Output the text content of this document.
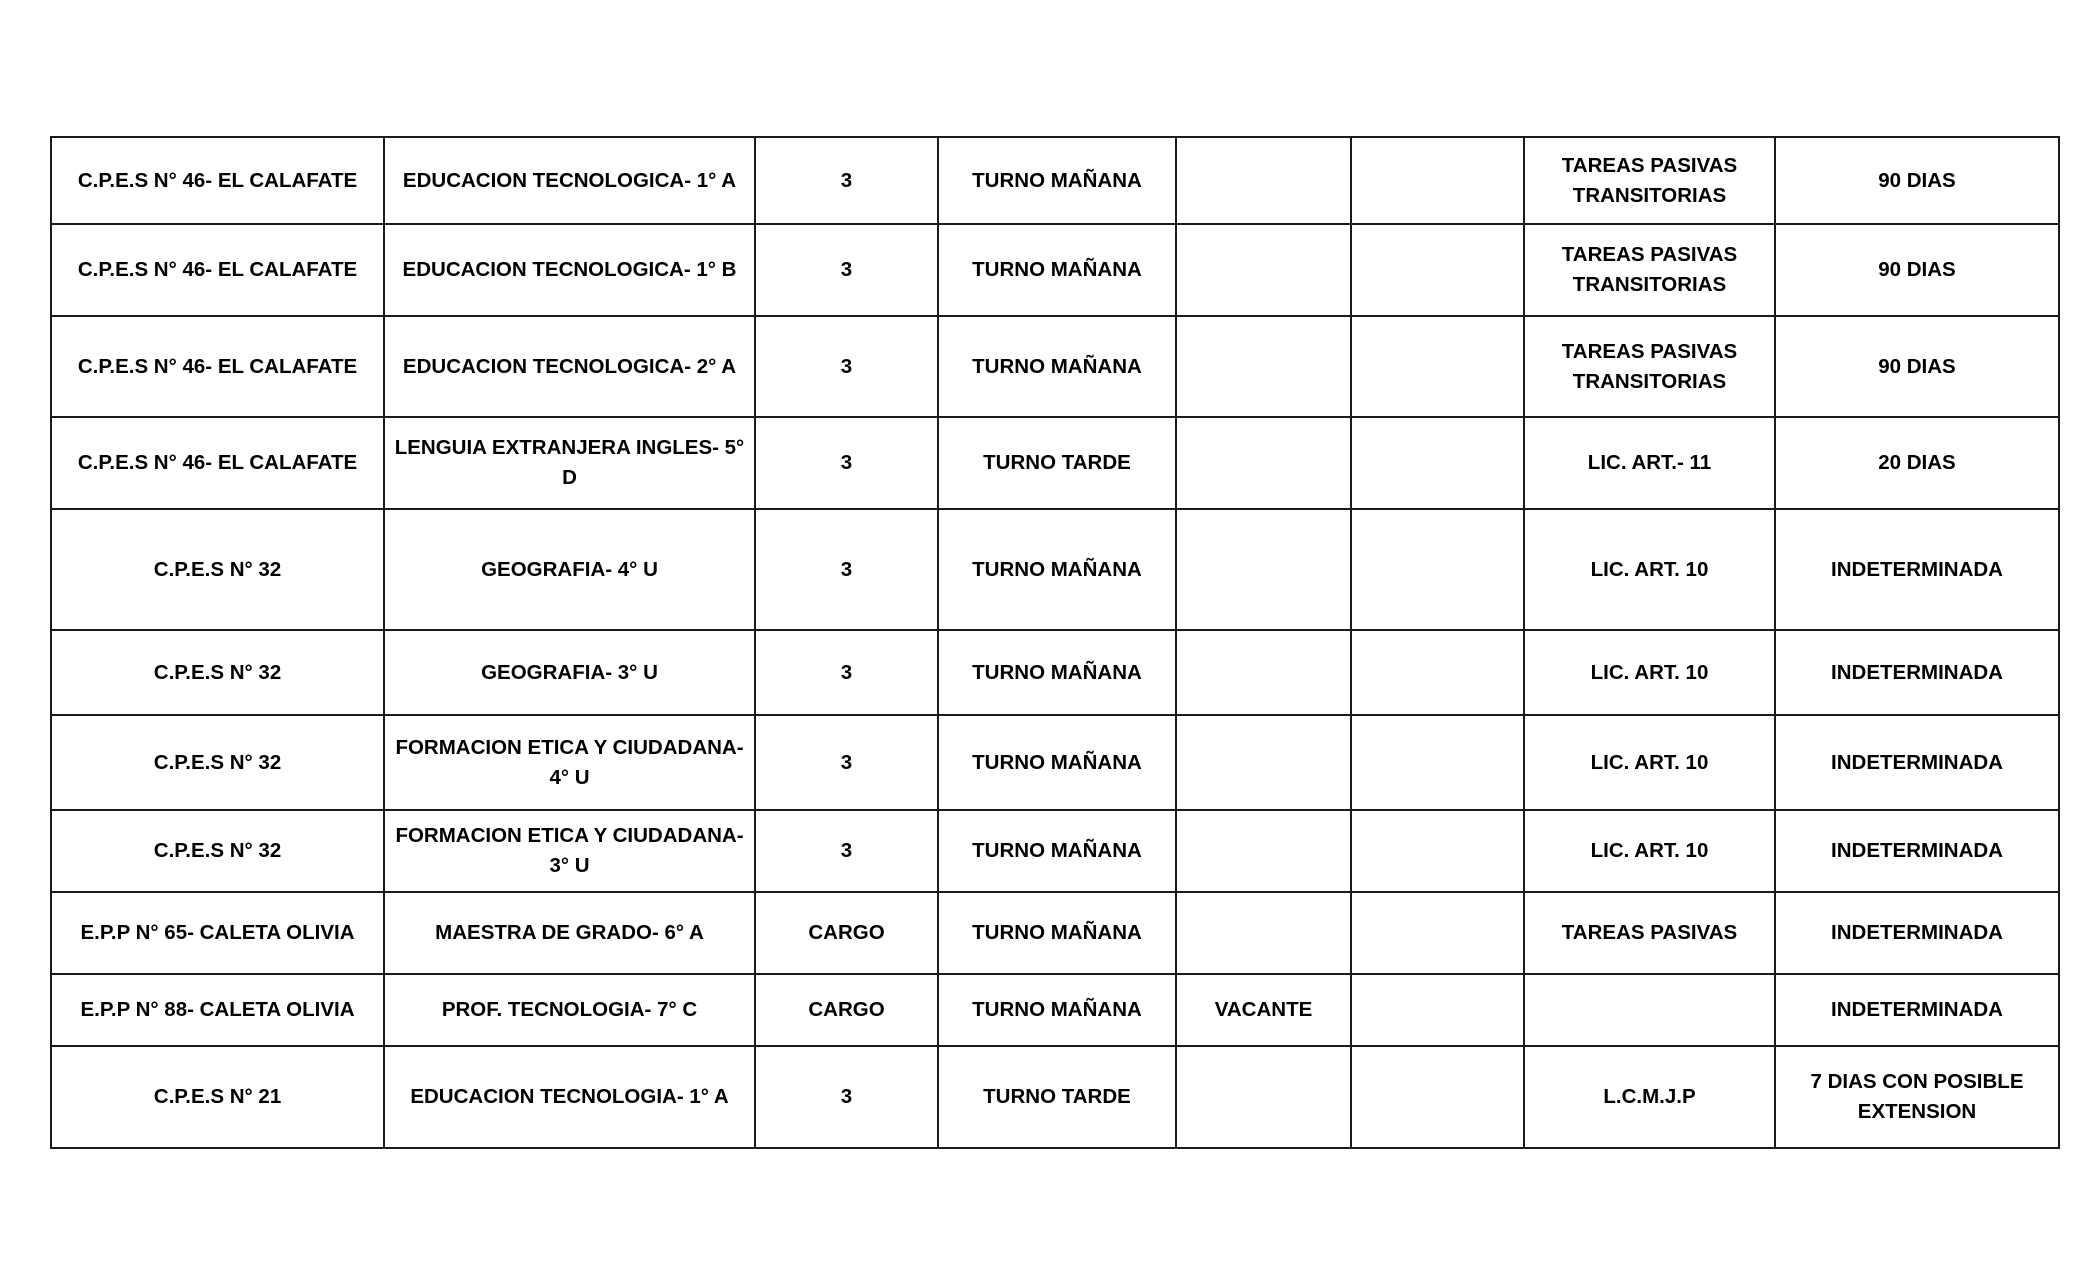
C.P.E.S N° 46- EL CALAFATE	EDUCACION TECNOLOGICA- 1° A	3	TURNO MAÑANA			TAREAS PASIVAS TRANSITORIAS	90 DIAS
C.P.E.S N° 46- EL CALAFATE	EDUCACION TECNOLOGICA- 1° B	3	TURNO MAÑANA			TAREAS PASIVAS TRANSITORIAS	90 DIAS
C.P.E.S N° 46- EL CALAFATE	EDUCACION TECNOLOGICA- 2° A	3	TURNO MAÑANA			TAREAS PASIVAS TRANSITORIAS	90 DIAS
C.P.E.S N° 46- EL CALAFATE	LENGUIA EXTRANJERA INGLES- 5° D	3	TURNO TARDE			LIC. ART.- 11	20 DIAS
C.P.E.S N° 32	GEOGRAFIA- 4° U	3	TURNO MAÑANA			LIC. ART. 10	INDETERMINADA
C.P.E.S N° 32	GEOGRAFIA- 3° U	3	TURNO MAÑANA			LIC. ART. 10	INDETERMINADA
C.P.E.S N° 32	FORMACION ETICA Y CIUDADANA- 4° U	3	TURNO MAÑANA			LIC. ART. 10	INDETERMINADA
C.P.E.S N° 32	FORMACION ETICA Y CIUDADANA- 3° U	3	TURNO MAÑANA			LIC. ART. 10	INDETERMINADA
E.P.P N° 65- CALETA OLIVIA	MAESTRA DE GRADO- 6° A	CARGO	TURNO MAÑANA			TAREAS PASIVAS	INDETERMINADA
E.P.P N° 88- CALETA OLIVIA	PROF. TECNOLOGIA- 7° C	CARGO	TURNO MAÑANA	VACANTE			INDETERMINADA
C.P.E.S N° 21	EDUCACION TECNOLOGIA- 1° A	3	TURNO TARDE			L.C.M.J.P	7 DIAS CON POSIBLE EXTENSION
